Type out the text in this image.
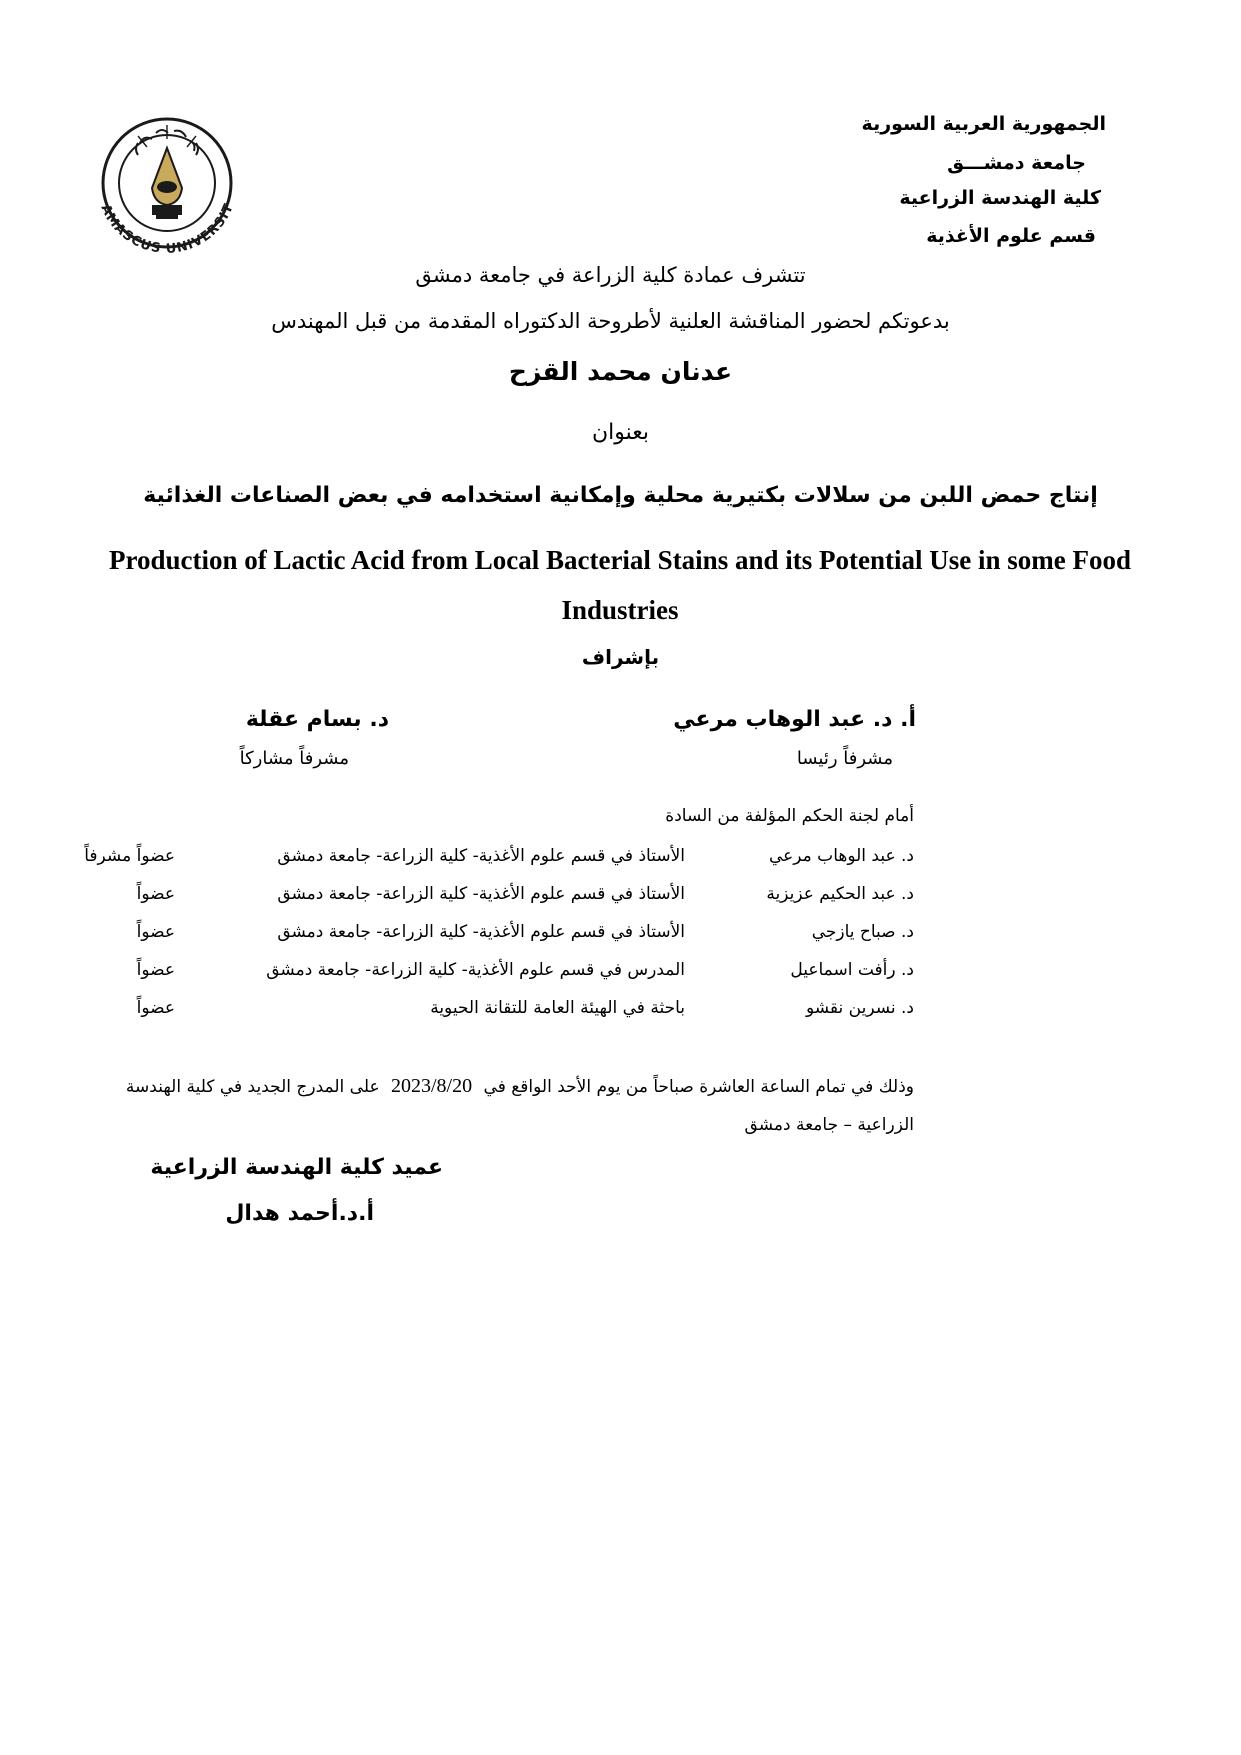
الجمهورية العربية السورية
جامعة دمشـــق
كلية الهندسة الزراعية
قسم علوم الأغذية
AMASCUS UNIVERSIT
تتشرف عمادة كلية الزراعة في جامعة دمشق
بدعوتكم لحضور المناقشة العلنية لأطروحة الدكتوراه المقدمة من قبل المهندس
عدنان محمد القزح
بعنوان
إنتاج حمض اللبن من سلالات بكتيرية محلية وإمكانية استخدامه في بعض الصناعات الغذائية
Production of Lactic Acid from Local Bacterial Stains and its Potential Use in some Food Industries
بإشراف
أ. د. عبد الوهاب مرعي
مشرفاً رئيسا
د. بسام عقلة
مشرفاً مشاركاً
أمام لجنة الحكم المؤلفة من السادة
د. عبد الوهاب مرعي
الأستاذ في قسم علوم الأغذية- كلية الزراعة- جامعة دمشق
عضواً مشرفاً
د. عبد الحكيم عزيزية
الأستاذ في قسم علوم الأغذية- كلية الزراعة- جامعة دمشق
عضواً
د. صباح يازجي
الأستاذ في قسم علوم الأغذية- كلية الزراعة- جامعة دمشق
عضواً
د. رأفت اسماعيل
المدرس في قسم علوم الأغذية- كلية الزراعة- جامعة دمشق
عضواً
د. نسرين نقشو
باحثة في الهيئة العامة للتقانة الحيوية
عضواً
وذلك في تمام الساعة العاشرة صباحاً من يوم الأحد الواقع في 2023/8/20 على المدرج الجديد في كلية الهندسة
الزراعية – جامعة دمشق
عميد كلية الهندسة الزراعية
أ.د.أحمد هدال
